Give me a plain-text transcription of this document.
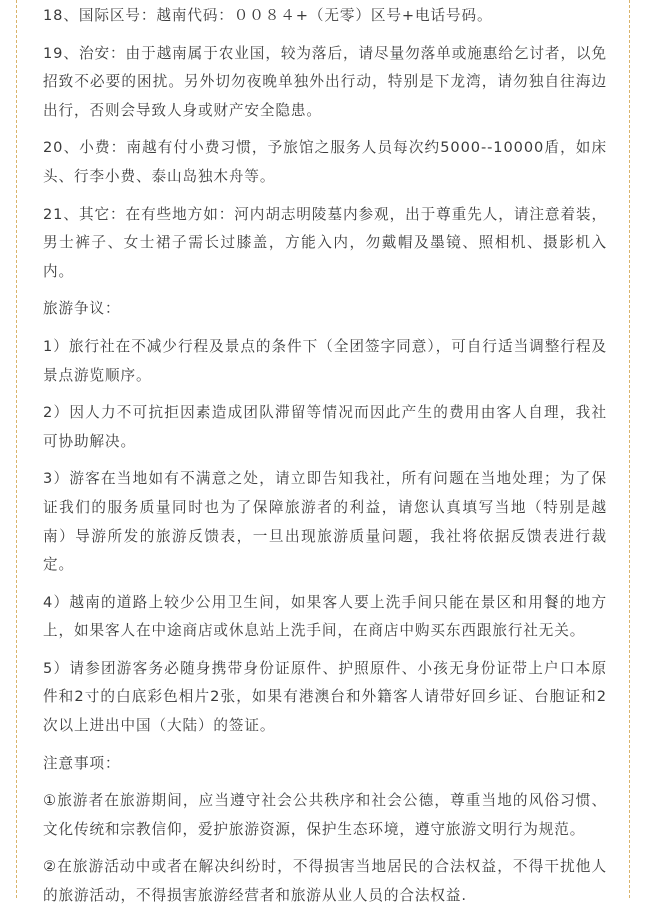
18、国际区号：越南代码：００８４+（无零）区号+电话号码。

19、治安：由于越南属于农业国，较为落后，请尽量勿落单或施惠给乞讨者，以免招致不必要的困扰。另外切勿夜晚单独外出行动，特别是下龙湾，请勿独自往海边出行，否则会导致人身或财产安全隐患。

20、小费：南越有付小费习惯，予旅馆之服务人员每次约5000--10000盾，如床头、行李小费、泰山岛独木舟等。

21、其它：在有些地方如：河内胡志明陵墓内参观，出于尊重先人，请注意着装，男士裤子、女士裙子需长过膝盖，方能入内，勿戴帽及墨镜、照相机、摄影机入内。

旅游争议：

1）旅行社在不减少行程及景点的条件下（全团签字同意），可自行适当调整行程及景点游览顺序。

2）因人力不可抗拒因素造成团队滞留等情况而因此产生的费用由客人自理，我社可协助解决。

3）游客在当地如有不满意之处，请立即告知我社，所有问题在当地处理；为了保证我们的服务质量同时也为了保障旅游者的利益，请您认真填写当地（特别是越南）导游所发的旅游反馈表，一旦出现旅游质量问题，我社将依据反馈表进行裁定。

4）越南的道路上较少公用卫生间，如果客人要上洗手间只能在景区和用餐的地方上，如果客人在中途商店或休息站上洗手间，在商店中购买东西跟旅行社无关。

5）请参团游客务必随身携带身份证原件、护照原件、小孩无身份证带上户口本原件和2寸的白底彩色相片2张，如果有港澳台和外籍客人请带好回乡证、台胞证和2次以上进出中国（大陆）的签证。

注意事项：

①旅游者在旅游期间，应当遵守社会公共秩序和社会公德，尊重当地的风俗习惯、文化传统和宗教信仰，爱护旅游资源，保护生态环境，遵守旅游文明行为规范。

②在旅游活动中或者在解决纠纷时，不得损害当地居民的合法权益，不得干扰他人的旅游活动，不得损害旅游经营者和旅游从业人员的合法权益.
